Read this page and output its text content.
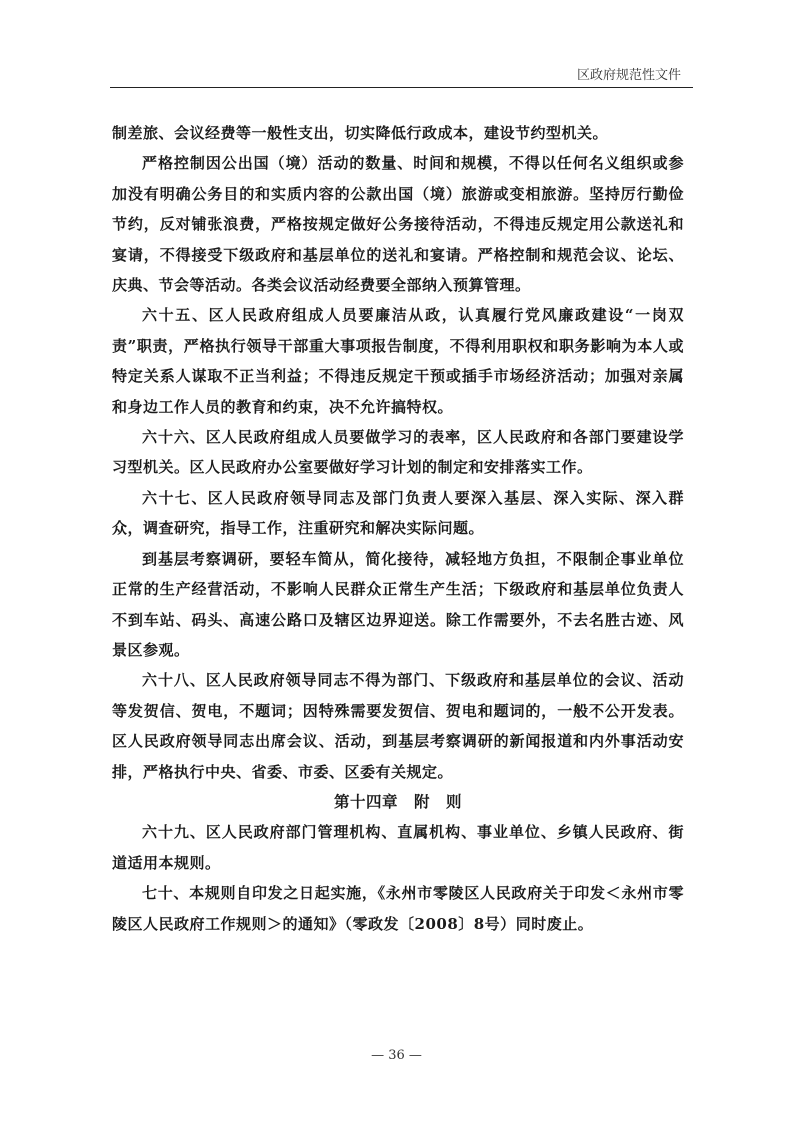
区政府规范性文件

制差旅、会议经费等一般性支出，切实降低行政成本，建设节约型机关。

严格控制因公出国（境）活动的数量、时间和规模，不得以任何名义组织或参加没有明确公务目的和实质内容的公款出国（境）旅游或变相旅游。坚持厉行勤俭节约，反对铺张浪费，严格按规定做好公务接待活动，不得违反规定用公款送礼和宴请，不得接受下级政府和基层单位的送礼和宴请。严格控制和规范会议、论坛、庆典、节会等活动。各类会议活动经费要全部纳入预算管理。

六十五、区人民政府组成人员要廉洁从政，认真履行党风廉政建设“一岗双责”职责，严格执行领导干部重大事项报告制度，不得利用职权和职务影响为本人或特定关系人谋取不正当利益；不得违反规定干预或插手市场经济活动；加强对亲属和身边工作人员的教育和约束，决不允许搞特权。

六十六、区人民政府组成人员要做学习的表率，区人民政府和各部门要建设学习型机关。区人民政府办公室要做好学习计划的制定和安排落实工作。

六十七、区人民政府领导同志及部门负责人要深入基层、深入实际、深入群众，调查研究，指导工作，注重研究和解决实际问题。

到基层考察调研，要轻车简从，简化接待，减轻地方负担，不限制企事业单位正常的生产经营活动，不影响人民群众正常生产生活；下级政府和基层单位负责人不到车站、码头、高速公路口及辖区边界迎送。除工作需要外，不去名胜古迹、风景区参观。

六十八、区人民政府领导同志不得为部门、下级政府和基层单位的会议、活动等发贺信、贺电，不题词；因特殊需要发贺信、贺电和题词的，一般不公开发表。区人民政府领导同志出席会议、活动，到基层考察调研的新闻报道和内外事活动安排，严格执行中央、省委、市委、区委有关规定。

第十四章　附　则

六十九、区人民政府部门管理机构、直属机构、事业单位、乡镇人民政府、街道适用本规则。

七十、本规则自印发之日起实施，《永州市零陵区人民政府关于印发＜永州市零陵区人民政府工作规则＞的通知》（零政发〔2008〕8号）同时废止。

— 36 —
